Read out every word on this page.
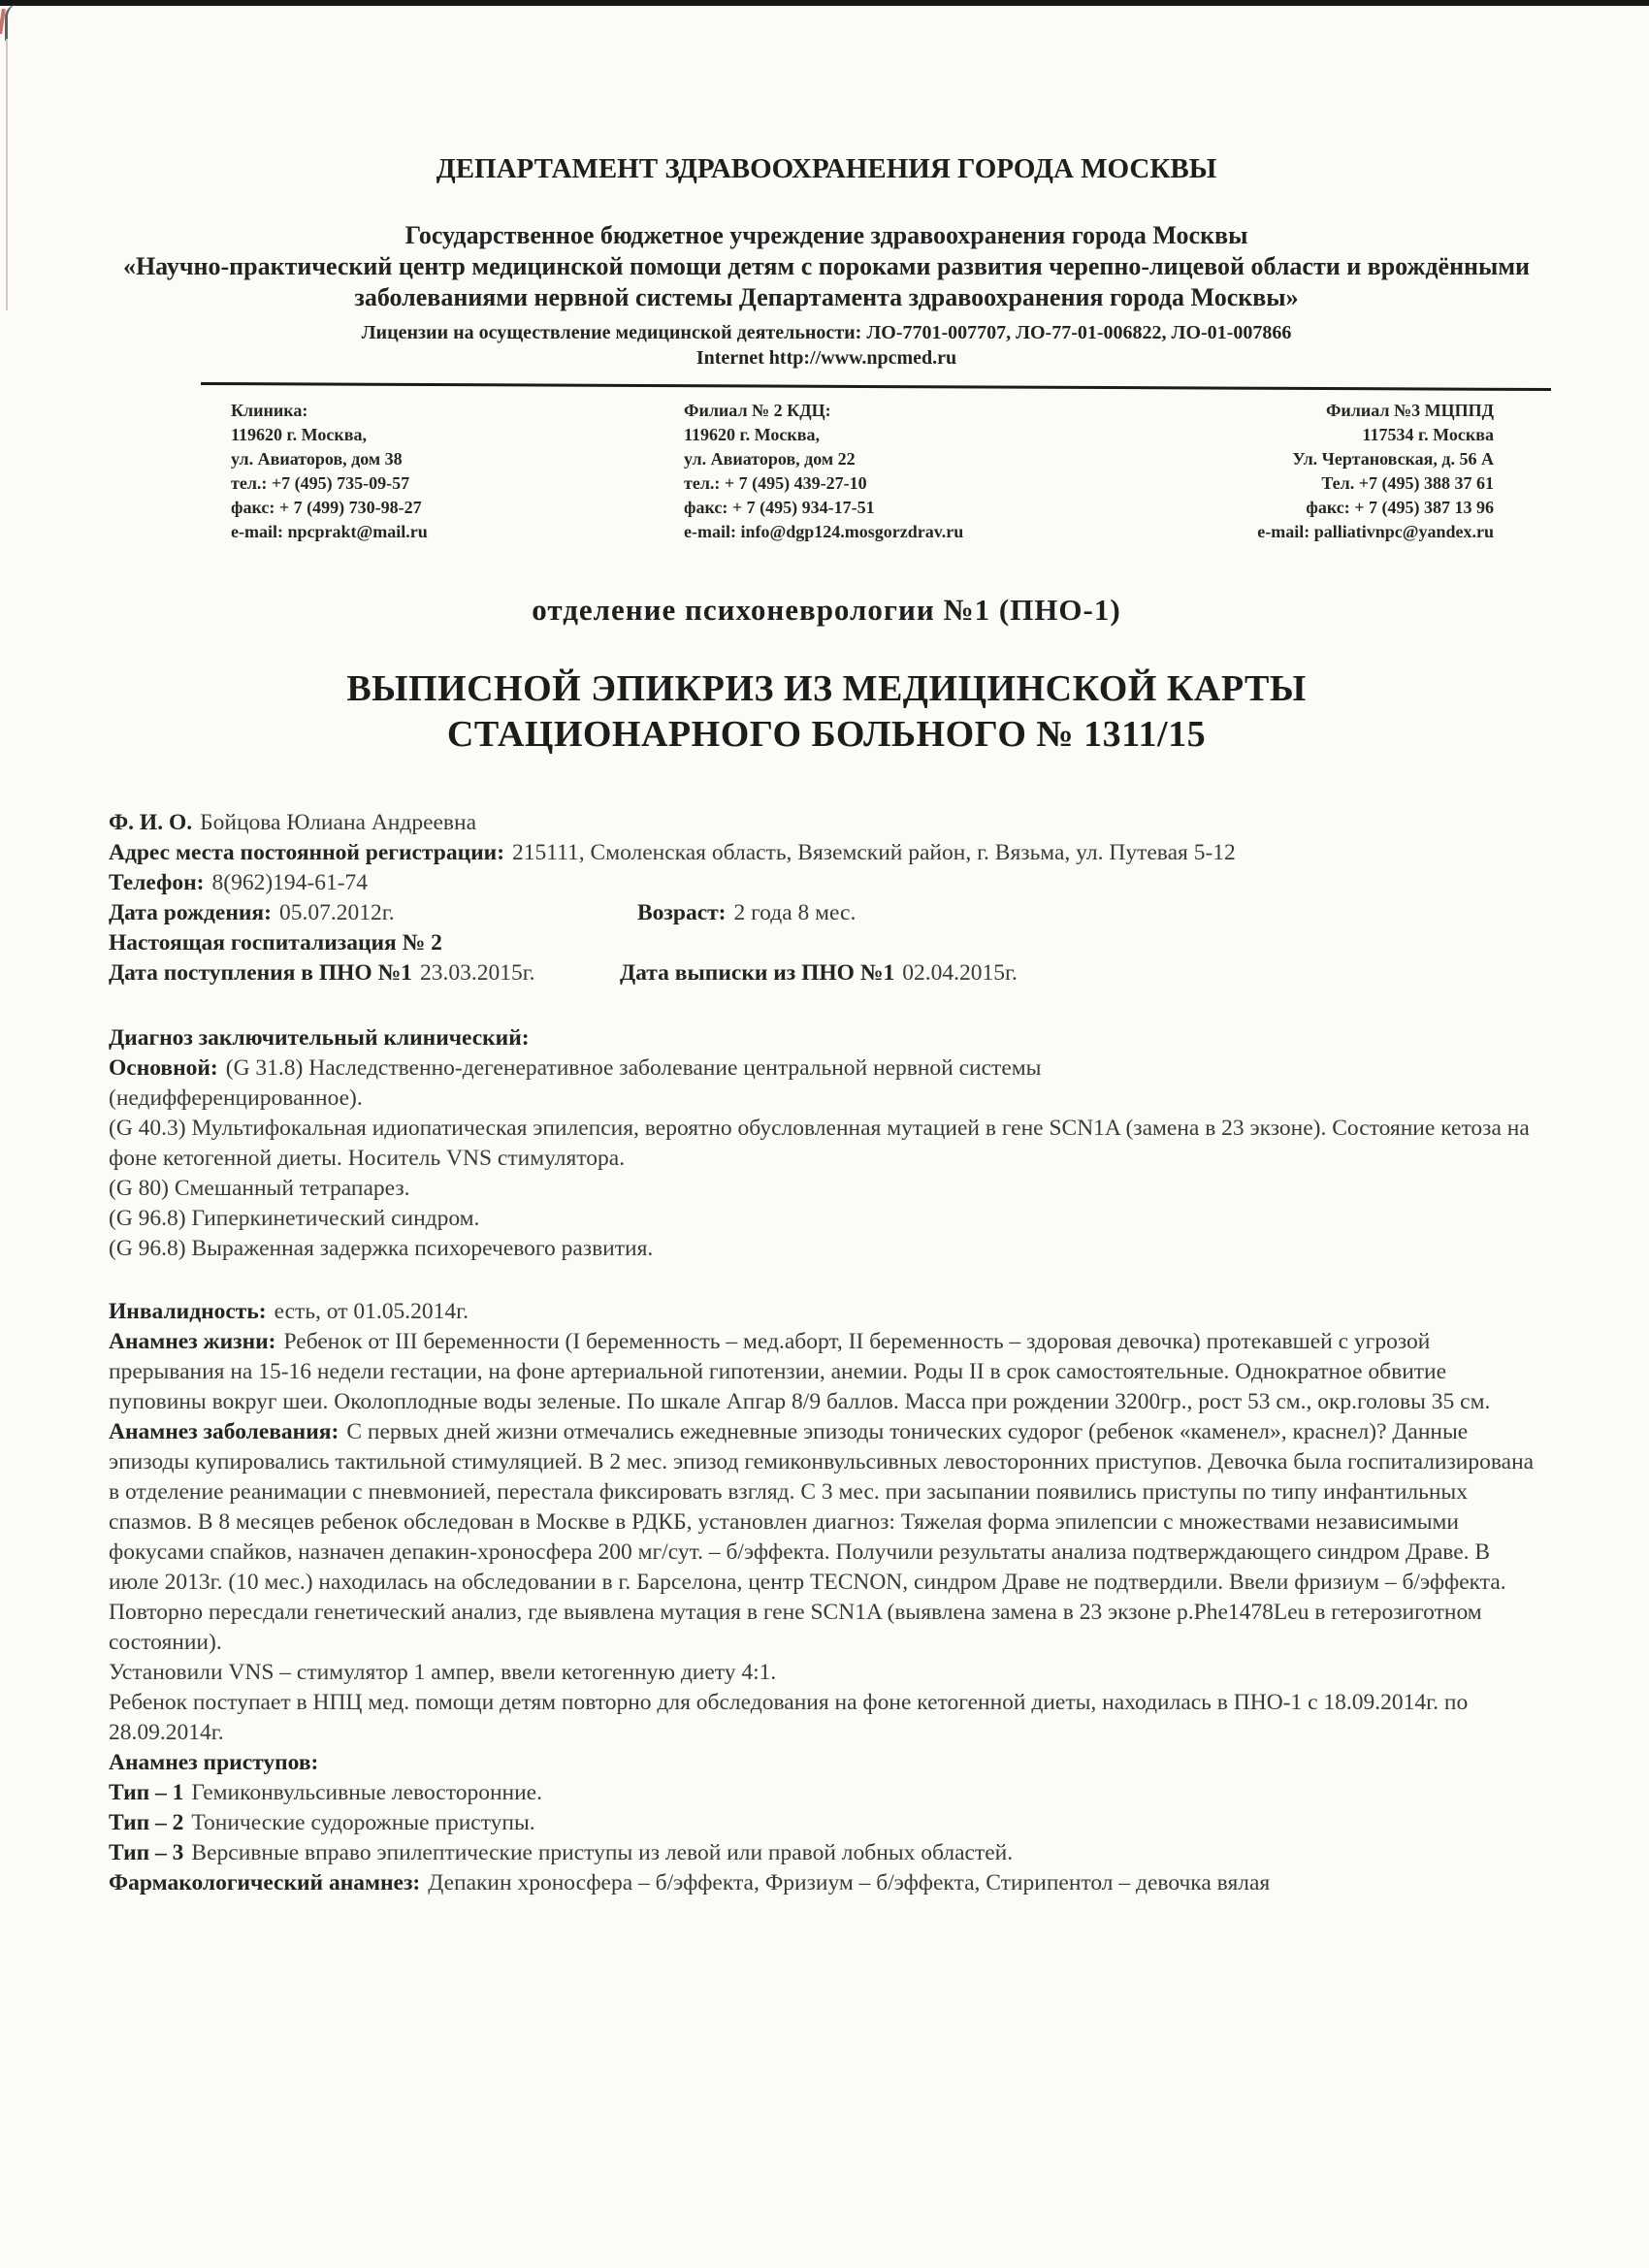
ДЕПАРТАМЕНТ ЗДРАВООХРАНЕНИЯ ГОРОДА МОСКВЫ
Государственное бюджетное учреждение здравоохранения города Москвы
«Научно-практический центр медицинской помощи детям с пороками развития черепно-лицевой области и врождёнными заболеваниями нервной системы Департамента здравоохранения города Москвы»
Лицензии на осуществление медицинской деятельности: ЛО-7701-007707, ЛО-77-01-006822, ЛО-01-007866
Internet http://www.npcmed.ru

Клиника:
119620 г. Москва,
ул. Авиаторов, дом 38
тел.: +7 (495) 735-09-57
факс: + 7 (499) 730-98-27
e-mail: npcprakt@mail.ru

Филиал № 2 КДЦ:
119620 г. Москва,
ул. Авиаторов, дом 22
тел.: + 7 (495) 439-27-10
факс: + 7 (495) 934-17-51
e-mail: info@dgp124.mosgorzdrav.ru

Филиал №3 МЦППД
117534 г. Москва
Ул. Чертановская, д. 56 А
Тел. +7 (495) 388 37 61
факс: + 7 (495) 387 13 96
e-mail: palliativnpc@yandex.ru

отделение психоневрологии №1 (ПНО-1)
ВЫПИСНОЙ ЭПИКРИЗ ИЗ МЕДИЦИНСКОЙ КАРТЫ
СТАЦИОНАРНОГО БОЛЬНОГО № 1311/15

Ф. И. О. Бойцова Юлиана Андреевна

Адрес места постоянной регистрации: 215111, Смоленская область, Вяземский район, г. Вязьма, ул. Путевая 5-12

Телефон: 8(962)194-61-74

Дата рождения: 05.07.2012г.	Возраст: 2 года 8 мес.

Настоящая госпитализация № 2

Дата поступления в ПНО №1 23.03.2015г.	Дата выписки из ПНО №1 02.04.2015г.

Диагноз заключительный клинический:

Основной: (G 31.8) Наследственно-дегенеративное заболевание центральной нервной системы
(недифференцированное).

(G 40.3) Мультифокальная идиопатическая эпилепсия, вероятно обусловленная мутацией в гене SCN1A (замена в 23 экзоне). Состояние кетоза на фоне кетогенной диеты. Носитель VNS стимулятора.

(G 80) Смешанный тетрапарез.

(G 96.8) Гиперкинетический синдром.

(G 96.8) Выраженная задержка психоречевого развития.

Инвалидность: есть, от 01.05.2014г.

Анамнез жизни: Ребенок от III беременности (I беременность – мед.аборт, II беременность – здоровая девочка) протекавшей с угрозой прерывания на 15-16 недели гестации, на фоне артериальной гипотензии, анемии. Роды II в срок самостоятельные. Однократное обвитие пуповины вокруг шеи. Околоплодные воды зеленые. По шкале Апгар 8/9 баллов. Масса при рождении 3200гр., рост 53 см., окр.головы 35 см.

Анамнез заболевания: С первых дней жизни отмечались ежедневные эпизоды тонических судорог (ребенок «каменел», краснел)? Данные эпизоды купировались тактильной стимуляцией. В 2 мес. эпизод гемиконвульсивных левосторонних приступов. Девочка была госпитализирована в отделение реанимации с пневмонией, перестала фиксировать взгляд. С 3 мес. при засыпании появились приступы по типу инфантильных спазмов. В 8 месяцев ребенок обследован в Москве в РДКБ, установлен диагноз: Тяжелая форма эпилепсии с множествами независимыми фокусами спайков, назначен депакин-хроносфера 200 мг/сут. – б/эффекта. Получили результаты анализа подтверждающего синдром Драве. В июле 2013г. (10 мес.) находилась на обследовании в г. Барселона, центр TECNON, синдром Драве не подтвердили. Ввели фризиум – б/эффекта. Повторно пересдали генетический анализ, где выявлена мутация в гене SCN1A (выявлена замена в 23 экзоне p.Phe1478Leu в гетерозиготном состоянии).

Установили VNS – стимулятор 1 ампер, ввели кетогенную диету 4:1.

Ребенок поступает в НПЦ мед. помощи детям повторно для обследования на фоне кетогенной диеты, находилась в ПНО-1 с 18.09.2014г. по 28.09.2014г.

Анамнез приступов:

Тип – 1 Гемиконвульсивные левосторонние.

Тип – 2 Тонические судорожные приступы.

Тип – 3 Версивные вправо эпилептические приступы из левой или правой лобных областей.

Фармакологический анамнез: Депакин хроносфера – б/эффекта, Фризиум – б/эффекта, Стирипентол – девочка вялая
